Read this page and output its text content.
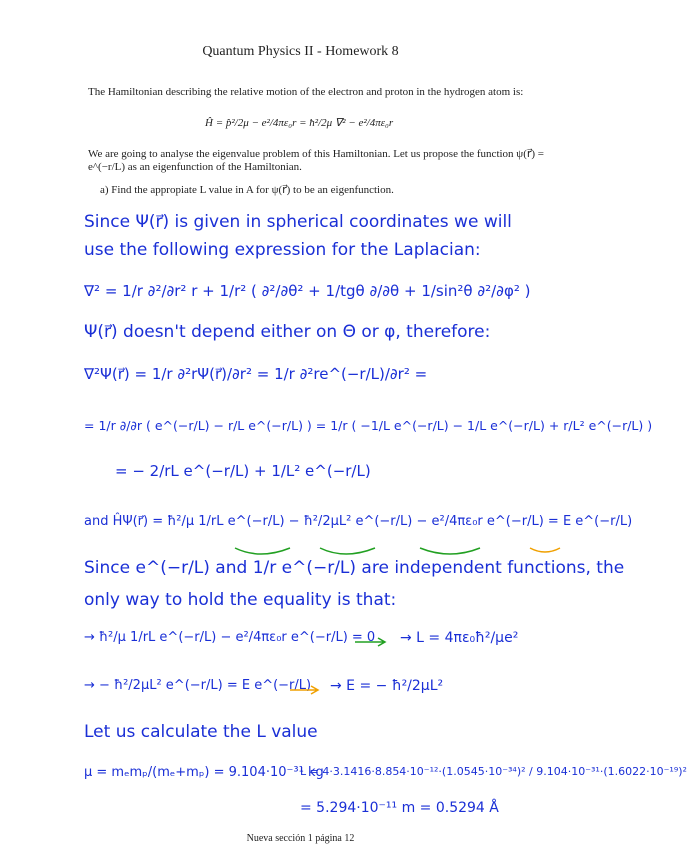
Quantum Physics II - Homework 8
The Hamiltonian describing the relative motion of the electron and proton in the hydrogen atom is:
Ĥ = p̂²/2μ − e²/4πε₀r = ħ²/2μ ∇² − e²/4πε₀r
We are going to analyse the eigenvalue problem of this Hamiltonian. Let us propose the function ψ(r⃗) = e^(−r/L) as an eigenfunction of the Hamiltonian.
a) Find the appropiate L value in A for ψ(r⃗) to be an eigenfunction.
Since Ψ(r⃗) is given in spherical coordinates we will
use the following expression for the Laplacian:
∇² = 1/r ∂²/∂r² r + 1/r² ( ∂²/∂θ² + 1/tgθ ∂/∂θ + 1/sin²θ ∂²/∂φ² )
Ψ(r⃗) doesn't depend either on Θ or φ, therefore:
∇²Ψ(r⃗) = 1/r ∂²rΨ(r⃗)/∂r² = 1/r ∂²re^(−r/L)/∂r² =
= 1/r ∂/∂r ( e^(−r/L) − r/L e^(−r/L) ) = 1/r ( −1/L e^(−r/L) − 1/L e^(−r/L) + r/L² e^(−r/L) )
= − 2/rL e^(−r/L) + 1/L² e^(−r/L)
and ĤΨ(r⃗) = ħ²/μ 1/rL e^(−r/L) − ħ²/2μL² e^(−r/L) − e²/4πε₀r e^(−r/L) = E e^(−r/L)
Since e^(−r/L) and 1/r e^(−r/L) are independent functions, the
only way to hold the equality is that:
→ ħ²/μ 1/rL e^(−r/L) − e²/4πε₀r e^(−r/L) = 0 → L = 4πε₀ħ²/μe²
→ − ħ²/2μL² e^(−r/L) = E e^(−r/L) → E = − ħ²/2μL²
Let us calculate the L value
μ = mₑmₚ/(mₑ+mₚ) = 9.104·10⁻³¹ kg
L = 4·3.1416·8.854·10⁻¹²·(1.0545·10⁻³⁴)² / 9.104·10⁻³¹·(1.6022·10⁻¹⁹)²
= 5.294·10⁻¹¹ m = 0.5294 Å
Nueva sección 1 página 12
